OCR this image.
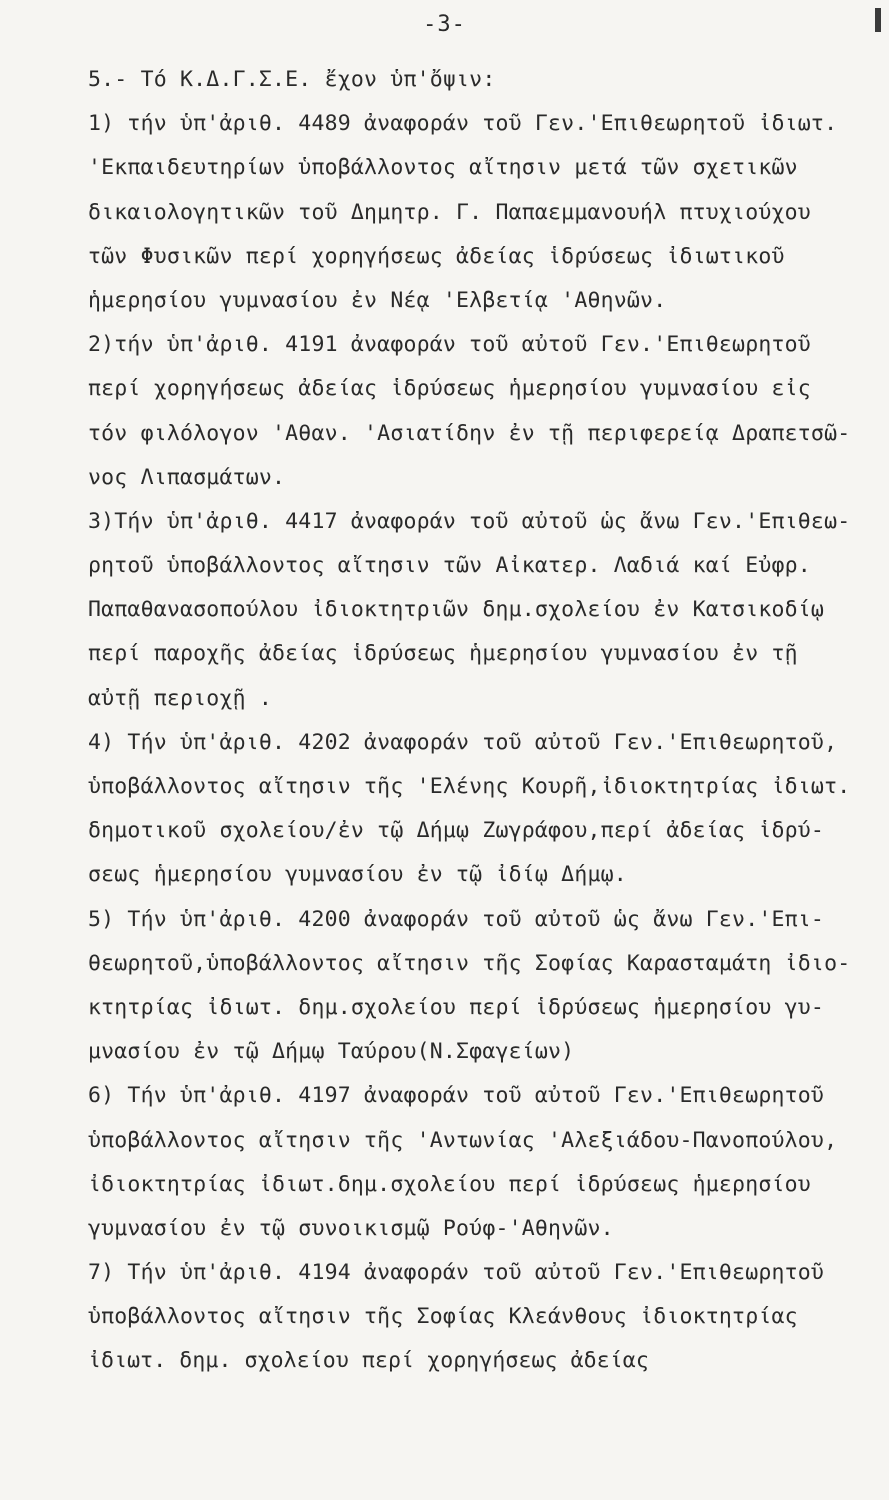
-3-
5.- Τό Κ.Δ.Γ.Σ.Ε. ἔχον ὑπ'ὄψιν:
1) τήν ὑπ'ἀριθ. 4489 ἀναφοράν τοῦ Γεν.'Επιθεωρητοῦ ἰδιωτ.
'Εκπαιδευτηρίων ὑποβάλλοντος αἴτησιν μετά τῶν σχετικῶν
δικαιολογητικῶν τοῦ Δημητρ. Γ. Παπαεμμανουήλ πτυχιούχου
τῶν Φυσικῶν περί χορηγήσεως ἀδείας ἱδρύσεως ἰδιωτικοῦ
ἡμερησίου γυμνασίου ἐν Νέᾳ 'Ελβετίᾳ 'Αθηνῶν.
2)τήν ὑπ'ἀριθ. 4191 ἀναφοράν τοῦ αὐτοῦ Γεν.'Επιθεωρητοῦ
περί χορηγήσεως ἀδείας ἱδρύσεως ἡμερησίου γυμνασίου εἰς
τόν φιλόλογον 'Αθαν. 'Ασιατίδην ἐν τῇ περιφερείᾳ Δραπετσῶ-
νος Λιπασμάτων.
3)Τήν ὑπ'ἀριθ. 4417 ἀναφοράν τοῦ αὐτοῦ ὡς ἄνω Γεν.'Επιθεω-
ρητοῦ ὑποβάλλοντος αἴτησιν τῶν Αἰκατερ. Λαδιά καί Εὐφρ.
Παπαθανασοπούλου ἰδιοκτητριῶν δημ.σχολείου ἐν Κατσικοδίῳ
περί παροχῆς ἀδείας ἱδρύσεως ἡμερησίου γυμνασίου ἐν τῇ
αὐτῇ περιοχῇ .
4) Τήν ὑπ'ἀριθ. 4202 ἀναφοράν τοῦ αὐτοῦ Γεν.'Επιθεωρητοῦ,
ὑποβάλλοντος αἴτησιν τῆς 'Ελένης Κουρῆ,ἰδιοκτητρίας ἰδιωτ.
δημοτικοῦ σχολείου/ἐν τῷ Δήμῳ Ζωγράφου,περί ἀδείας ἱδρύ-
σεως ἡμερησίου γυμνασίου ἐν τῷ ἰδίῳ Δήμῳ.
5) Τήν ὑπ'ἀριθ. 4200 ἀναφοράν τοῦ αὐτοῦ ὡς ἄνω Γεν.'Επι-
θεωρητοῦ,ὑποβάλλοντος αἴτησιν τῆς Σοφίας Καρασταμάτη ἰδιο-
κτητρίας ἰδιωτ. δημ.σχολείου περί ἱδρύσεως ἡμερησίου γυ-
μνασίου ἐν τῷ Δήμῳ Ταύρου(Ν.Σφαγείων)
6) Τήν ὑπ'ἀριθ. 4197 ἀναφοράν τοῦ αὐτοῦ Γεν.'Επιθεωρητοῦ
ὑποβάλλοντος αἴτησιν τῆς 'Αντωνίας 'Αλεξιάδου-Πανοπούλου,
ἰδιοκτητρίας ἰδιωτ.δημ.σχολείου περί ἱδρύσεως ἡμερησίου
γυμνασίου ἐν τῷ συνοικισμῷ Ρούφ-'Αθηνῶν.
7) Τήν ὑπ'ἀριθ. 4194 ἀναφοράν τοῦ αὐτοῦ Γεν.'Επιθεωρητοῦ
ὑποβάλλοντος αἴτησιν τῆς Σοφίας Κλεάνθους ἰδιοκτητρίας
ἰδιωτ. δημ. σχολείου περί χορηγήσεως ἀδείας
